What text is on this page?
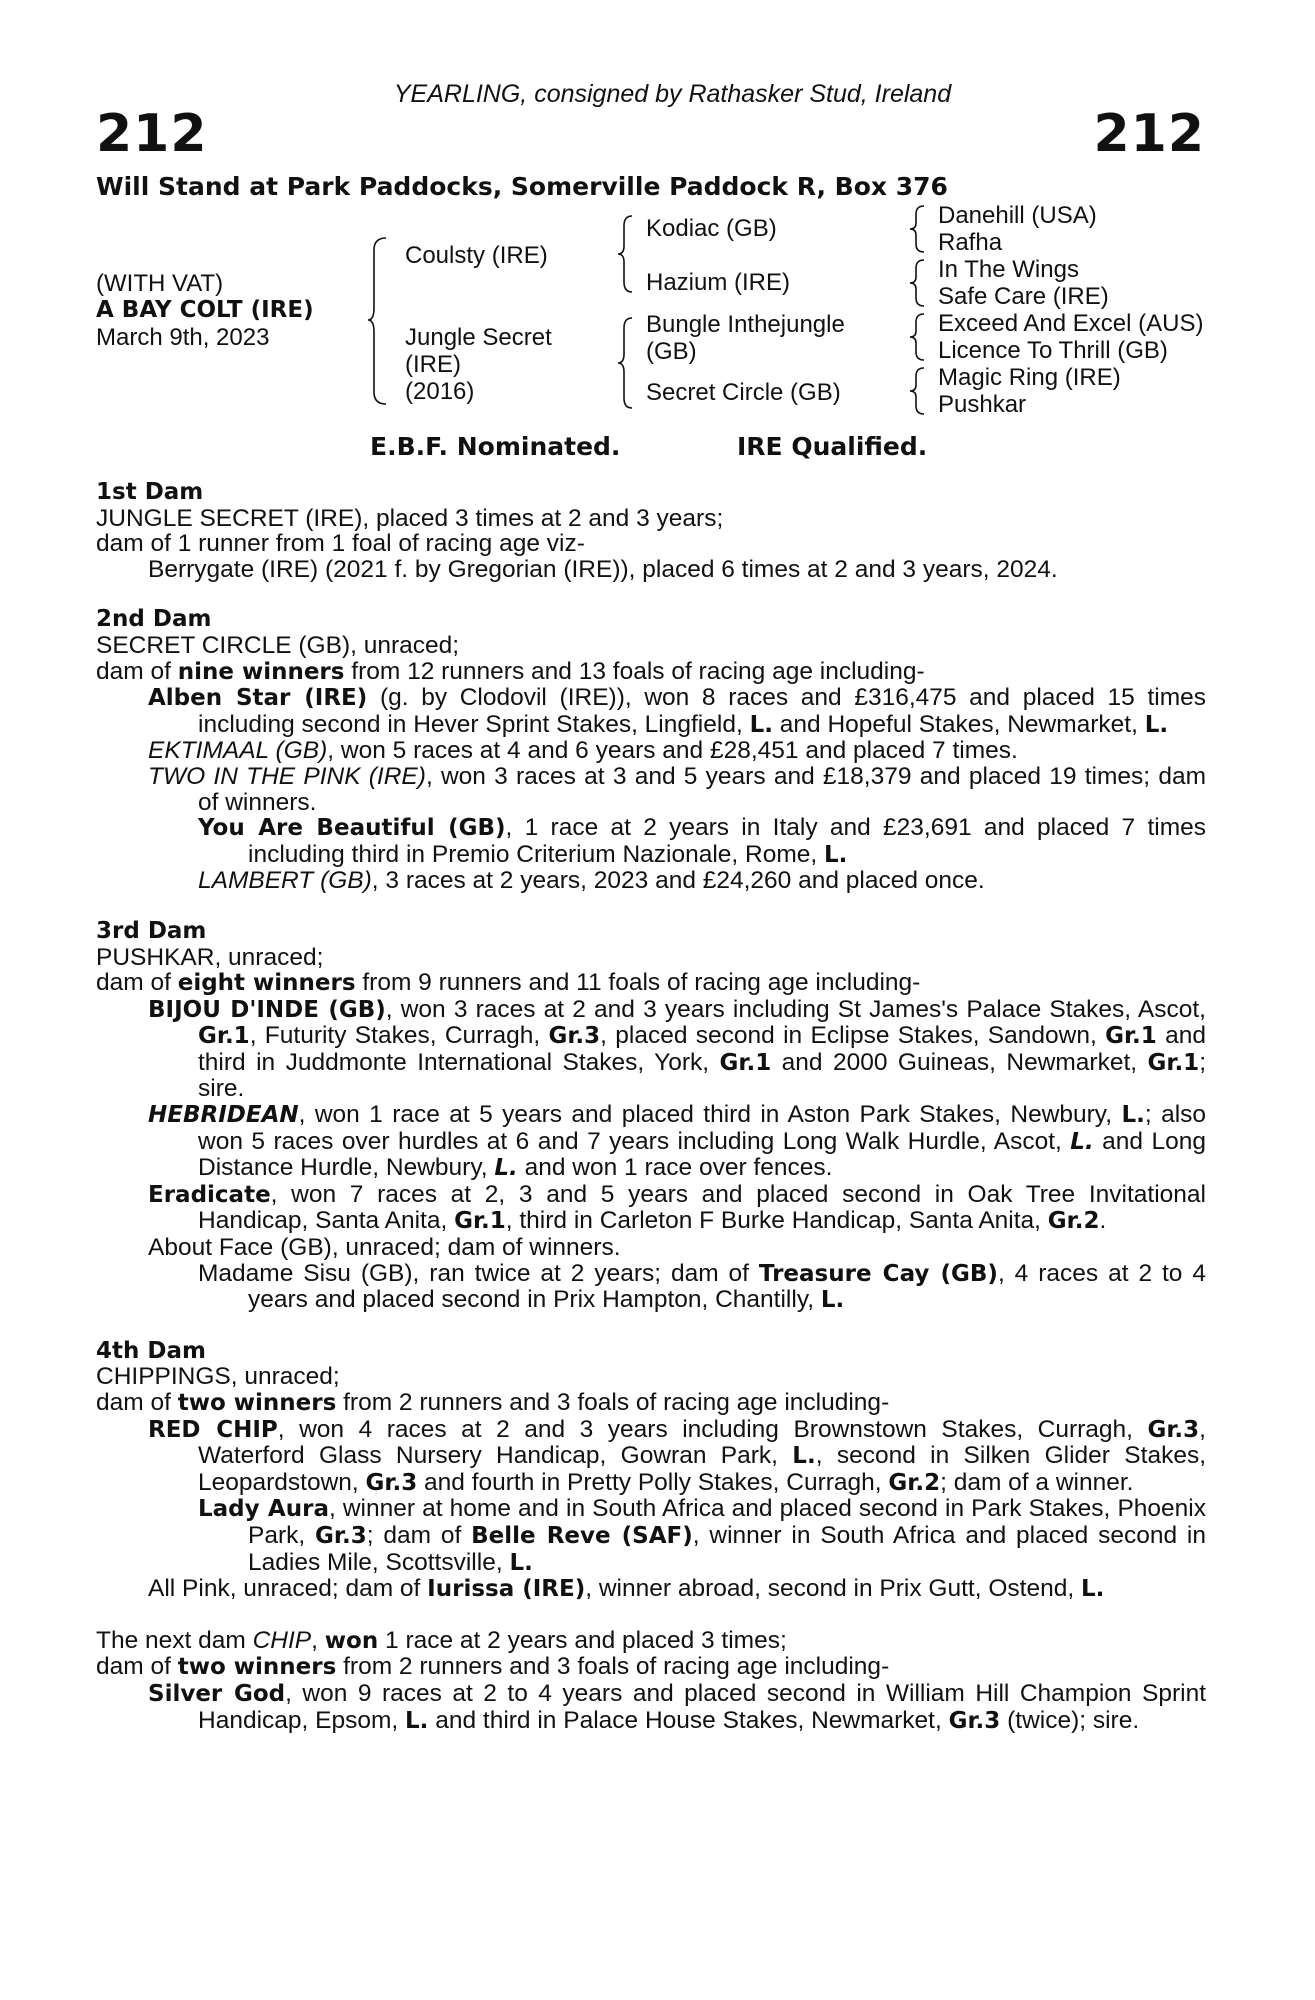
YEARLING, consigned by Rathasker Stud, Ireland
212	212
Will Stand at Park Paddocks, Somerville Paddock R, Box 376
(WITH VAT)
A BAY COLT (IRE)
March 9th, 2023
Coulsty (IRE)
Jungle Secret
(IRE)
(2016)
Kodiac (GB)
Hazium (IRE)
Bungle Inthejungle
(GB)
Secret Circle (GB)
Danehill (USA)
Rafha
In The Wings
Safe Care (IRE)
Exceed And Excel (AUS)
Licence To Thrill (GB)
Magic Ring (IRE)
Pushkar
E.B.F. Nominated.	IRE Qualified.
1st Dam
JUNGLE SECRET (IRE), placed 3 times at 2 and 3 years;
dam of 1 runner from 1 foal of racing age viz-
Berrygate (IRE) (2021 f. by Gregorian (IRE)), placed 6 times at 2 and 3 years, 2024.
2nd Dam
SECRET CIRCLE (GB), unraced;
dam of nine winners from 12 runners and 13 foals of racing age including-
Alben Star (IRE) (g. by Clodovil (IRE)), won 8 races and £316,475 and placed 15 times including second in Hever Sprint Stakes, Lingfield, L. and Hopeful Stakes, Newmarket, L.
EKTIMAAL (GB), won 5 races at 4 and 6 years and £28,451 and placed 7 times.
TWO IN THE PINK (IRE), won 3 races at 3 and 5 years and £18,379 and placed 19 times; dam of winners.
You Are Beautiful (GB), 1 race at 2 years in Italy and £23,691 and placed 7 times including third in Premio Criterium Nazionale, Rome, L.
LAMBERT (GB), 3 races at 2 years, 2023 and £24,260 and placed once.
3rd Dam
PUSHKAR, unraced;
dam of eight winners from 9 runners and 11 foals of racing age including-
BIJOU D'INDE (GB), won 3 races at 2 and 3 years including St James's Palace Stakes, Ascot, Gr.1, Futurity Stakes, Curragh, Gr.3, placed second in Eclipse Stakes, Sandown, Gr.1 and third in Juddmonte International Stakes, York, Gr.1 and 2000 Guineas, Newmarket, Gr.1; sire.
HEBRIDEAN, won 1 race at 5 years and placed third in Aston Park Stakes, Newbury, L.; also won 5 races over hurdles at 6 and 7 years including Long Walk Hurdle, Ascot, L. and Long Distance Hurdle, Newbury, L. and won 1 race over fences.
Eradicate, won 7 races at 2, 3 and 5 years and placed second in Oak Tree Invitational Handicap, Santa Anita, Gr.1, third in Carleton F Burke Handicap, Santa Anita, Gr.2.
About Face (GB), unraced; dam of winners.
Madame Sisu (GB), ran twice at 2 years; dam of Treasure Cay (GB), 4 races at 2 to 4 years and placed second in Prix Hampton, Chantilly, L.
4th Dam
CHIPPINGS, unraced;
dam of two winners from 2 runners and 3 foals of racing age including-
RED CHIP, won 4 races at 2 and 3 years including Brownstown Stakes, Curragh, Gr.3, Waterford Glass Nursery Handicap, Gowran Park, L., second in Silken Glider Stakes, Leopardstown, Gr.3 and fourth in Pretty Polly Stakes, Curragh, Gr.2; dam of a winner.
Lady Aura, winner at home and in South Africa and placed second in Park Stakes, Phoenix Park, Gr.3; dam of Belle Reve (SAF), winner in South Africa and placed second in Ladies Mile, Scottsville, L.
All Pink, unraced; dam of Iurissa (IRE), winner abroad, second in Prix Gutt, Ostend, L.
The next dam CHIP, won 1 race at 2 years and placed 3 times;
dam of two winners from 2 runners and 3 foals of racing age including-
Silver God, won 9 races at 2 to 4 years and placed second in William Hill Champion Sprint Handicap, Epsom, L. and third in Palace House Stakes, Newmarket, Gr.3 (twice); sire.
